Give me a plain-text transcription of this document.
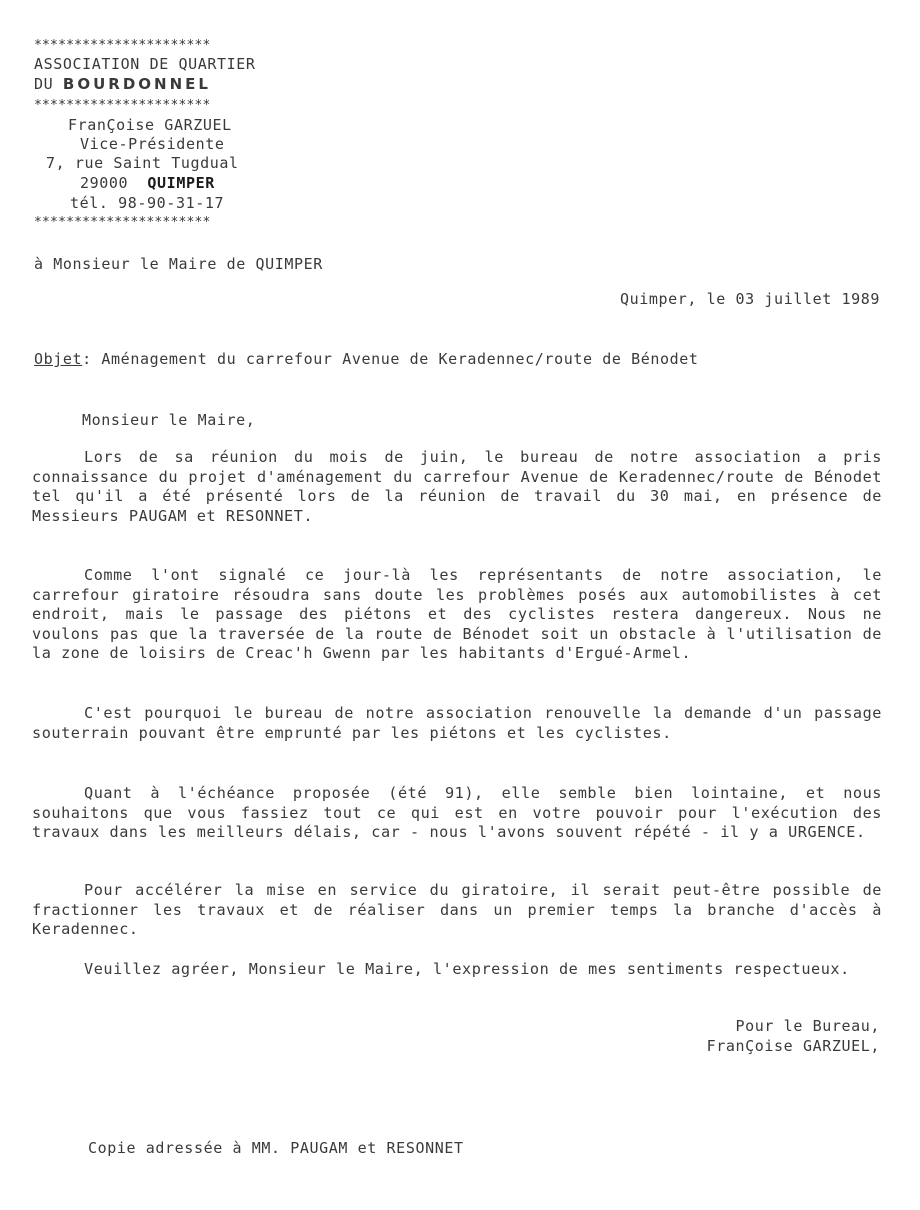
**********************
ASSOCIATION DE QUARTIER
DU BOURDONNEL
**********************
FranÇoise GARZUEL
Vice-Présidente
7, rue Saint Tugdual
29000 QUIMPER
tél. 98-90-31-17
**********************
à Monsieur le Maire de QUIMPER
Quimper, le 03 juillet 1989
Objet: Aménagement du carrefour Avenue de Keradennec/route de Bénodet
Monsieur le Maire,
Lors de sa réunion du mois de juin, le bureau de notre association a pris connaissance du projet d'aménagement du carrefour Avenue de Keradennec/route de Bénodet tel qu'il a été présenté lors de la réunion de travail du 30 mai, en présence de Messieurs PAUGAM et RESONNET.
Comme l'ont signalé ce jour-là les représentants de notre association, le carrefour giratoire résoudra sans doute les problèmes posés aux automobilistes à cet endroit, mais le passage des piétons et des cyclistes restera dangereux. Nous ne voulons pas que la traversée de la route de Bénodet soit un obstacle à l'utilisation de la zone de loisirs de Creac'h Gwenn par les habitants d'Ergué-Armel.
C'est pourquoi le bureau de notre association renouvelle la demande d'un passage souterrain pouvant être emprunté par les piétons et les cyclistes.
Quant à l'échéance proposée (été 91), elle semble bien lointaine, et nous souhaitons que vous fassiez tout ce qui est en votre pouvoir pour l'exécution des travaux dans les meilleurs délais, car - nous l'avons souvent répété - il y a URGENCE.
Pour accélérer la mise en service du giratoire, il serait peut-être possible de fractionner les travaux et de réaliser dans un premier temps la branche d'accès à Keradennec.
Veuillez agréer, Monsieur le Maire, l'expression de mes sentiments respectueux.
Pour le Bureau,
FranÇoise GARZUEL,
Copie adressée à MM. PAUGAM et RESONNET
